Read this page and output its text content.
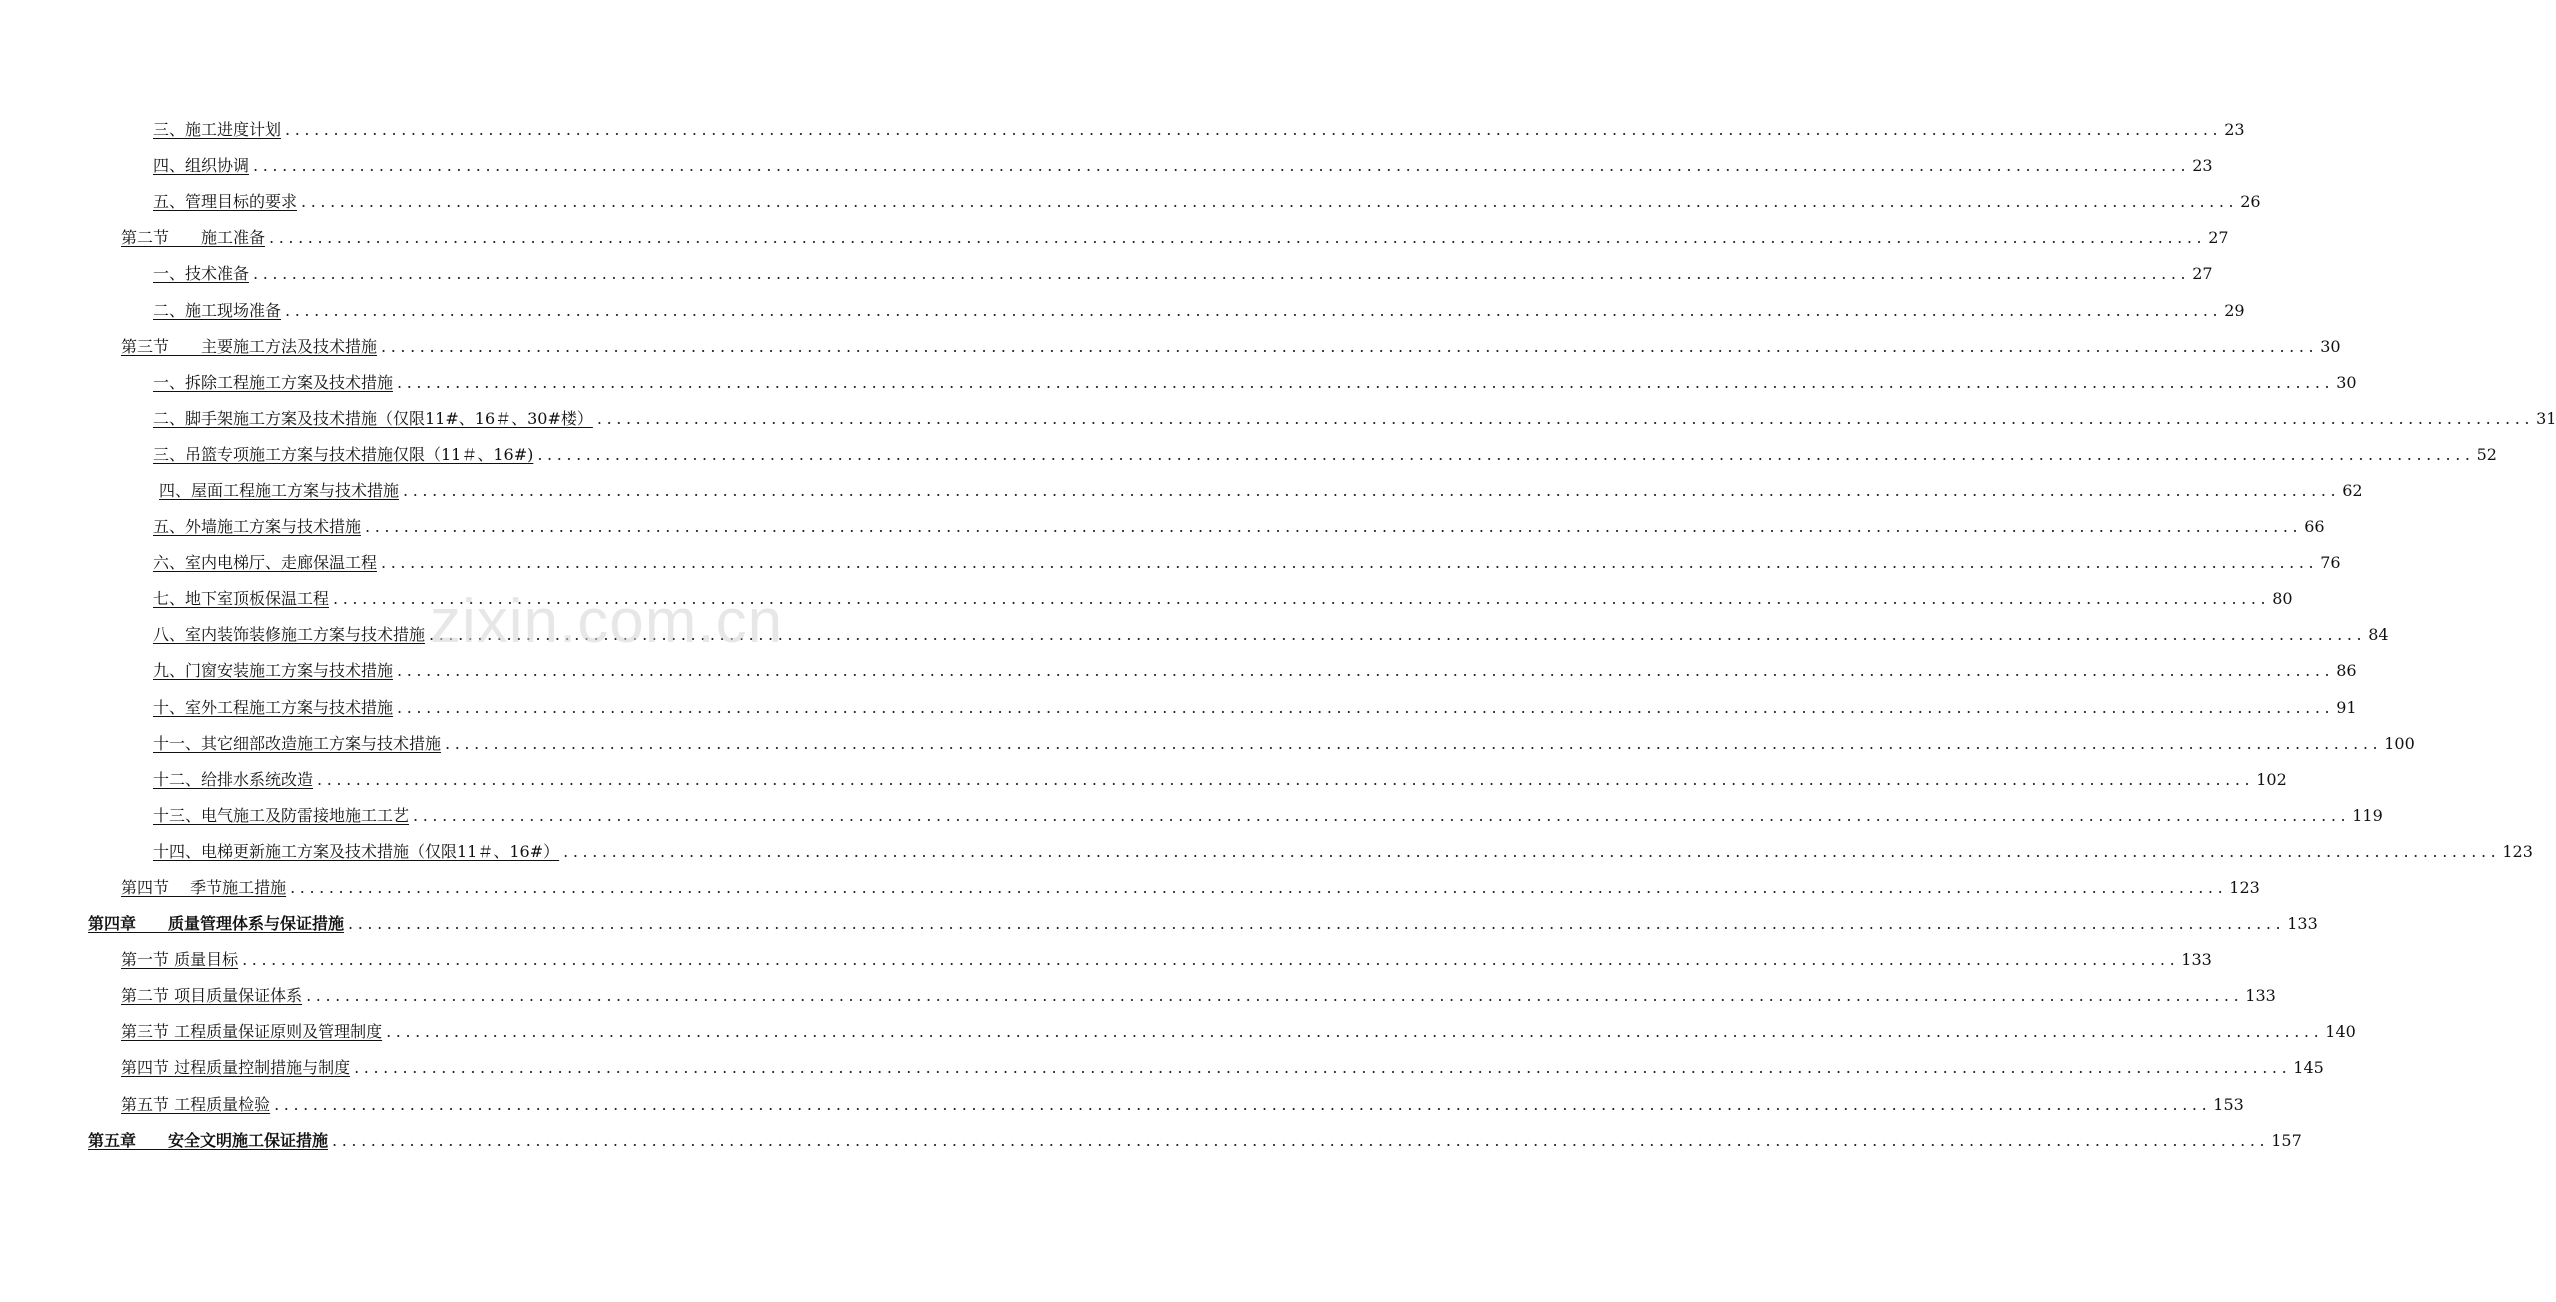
三、施工进度计划 ........................................................................................................................................................................................................ 23
四、组织协调 ........................................................................................................................................................................................................ 23
五、管理目标的要求 ........................................................................................................................................................................................................ 26
第二节　　施工准备 ........................................................................................................................................................................................................ 27
一、技术准备 ........................................................................................................................................................................................................ 27
二、施工现场准备 ........................................................................................................................................................................................................ 29
第三节　　主要施工方法及技术措施 ........................................................................................................................................................................................................ 30
一、拆除工程施工方案及技术措施 ........................................................................................................................................................................................................ 30
二、脚手架施工方案及技术措施（仅限11#、16＃、30#楼） ........................................................................................................................................................................................................ 31
三、吊篮专项施工方案与技术措施仅限（11＃、16#) ........................................................................................................................................................................................................ 52
四、屋面工程施工方案与技术措施 ........................................................................................................................................................................................................ 62
五、外墙施工方案与技术措施 ........................................................................................................................................................................................................ 66
六、室内电梯厅、走廊保温工程 ........................................................................................................................................................................................................ 76
七、地下室顶板保温工程 ........................................................................................................................................................................................................ 80
八、室内装饰装修施工方案与技术措施 ........................................................................................................................................................................................................ 84
九、门窗安装施工方案与技术措施 ........................................................................................................................................................................................................ 86
十、室外工程施工方案与技术措施 ........................................................................................................................................................................................................ 91
十一、其它细部改造施工方案与技术措施 ........................................................................................................................................................................................................ 100
十二、给排水系统改造 ........................................................................................................................................................................................................ 102
十三、电气施工及防雷接地施工工艺 ........................................................................................................................................................................................................ 119
十四、电梯更新施工方案及技术措施（仅限11＃、16#） ........................................................................................................................................................................................................ 123
第四节　 季节施工措施 ........................................................................................................................................................................................................ 123
第四章　　质量管理体系与保证措施 ........................................................................................................................................................................................................ 133
第一节 质量目标 ........................................................................................................................................................................................................ 133
第二节 项目质量保证体系 ........................................................................................................................................................................................................ 133
第三节 工程质量保证原则及管理制度 ........................................................................................................................................................................................................ 140
第四节 过程质量控制措施与制度 ........................................................................................................................................................................................................ 145
第五节 工程质量检验 ........................................................................................................................................................................................................ 153
第五章　　安全文明施工保证措施 ........................................................................................................................................................................................................ 157
zixin.com.cn
